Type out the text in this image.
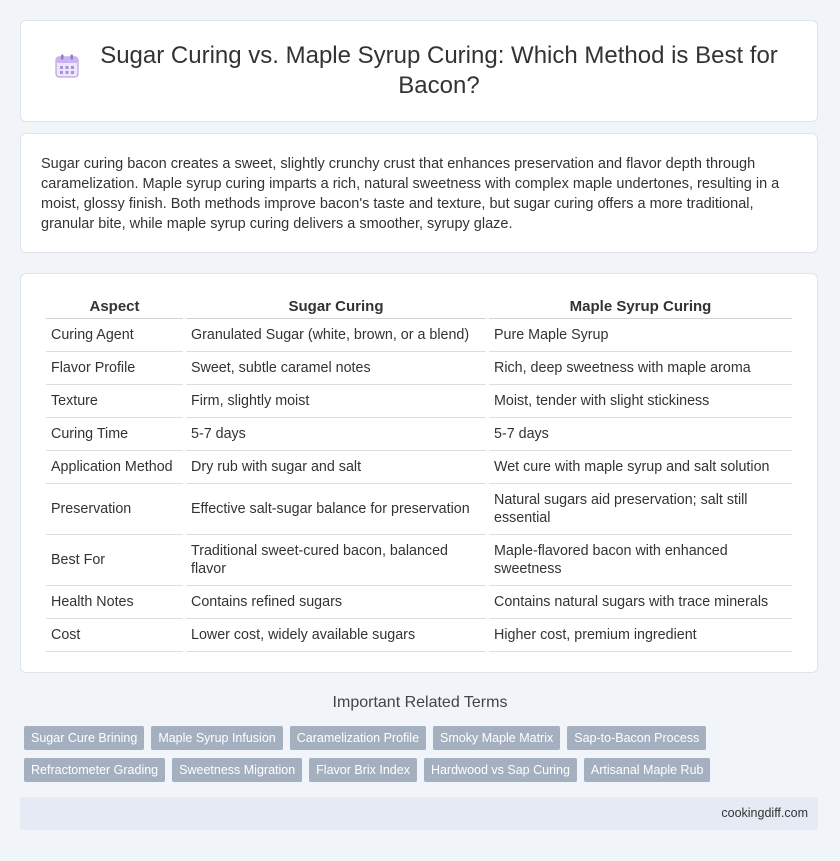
Sugar Curing vs. Maple Syrup Curing: Which Method is Best for Bacon?

Sugar curing bacon creates a sweet, slightly crunchy crust that enhances preservation and flavor depth through caramelization. Maple syrup curing imparts a rich, natural sweetness with complex maple undertones, resulting in a moist, glossy finish. Both methods improve bacon's taste and texture, but sugar curing offers a more traditional, granular bite, while maple syrup curing delivers a smoother, syrupy glaze.

Aspect	Sugar Curing	Maple Syrup Curing
Curing Agent	Granulated Sugar (white, brown, or a blend)	Pure Maple Syrup
Flavor Profile	Sweet, subtle caramel notes	Rich, deep sweetness with maple aroma
Texture	Firm, slightly moist	Moist, tender with slight stickiness
Curing Time	5-7 days	5-7 days
Application Method	Dry rub with sugar and salt	Wet cure with maple syrup and salt solution
Preservation	Effective salt-sugar balance for preservation	Natural sugars aid preservation; salt still essential
Best For	Traditional sweet-cured bacon, balanced flavor	Maple-flavored bacon with enhanced sweetness
Health Notes	Contains refined sugars	Contains natural sugars with trace minerals
Cost	Lower cost, widely available sugars	Higher cost, premium ingredient
Important Related Terms
Sugar Cure Brining	Maple Syrup Infusion	Caramelization Profile	Smoky Maple Matrix	Sap-to-Bacon Process
Refractometer Grading	Sweetness Migration	Flavor Brix Index	Hardwood vs Sap Curing	Artisanal Maple Rub
cookingdiff.com
